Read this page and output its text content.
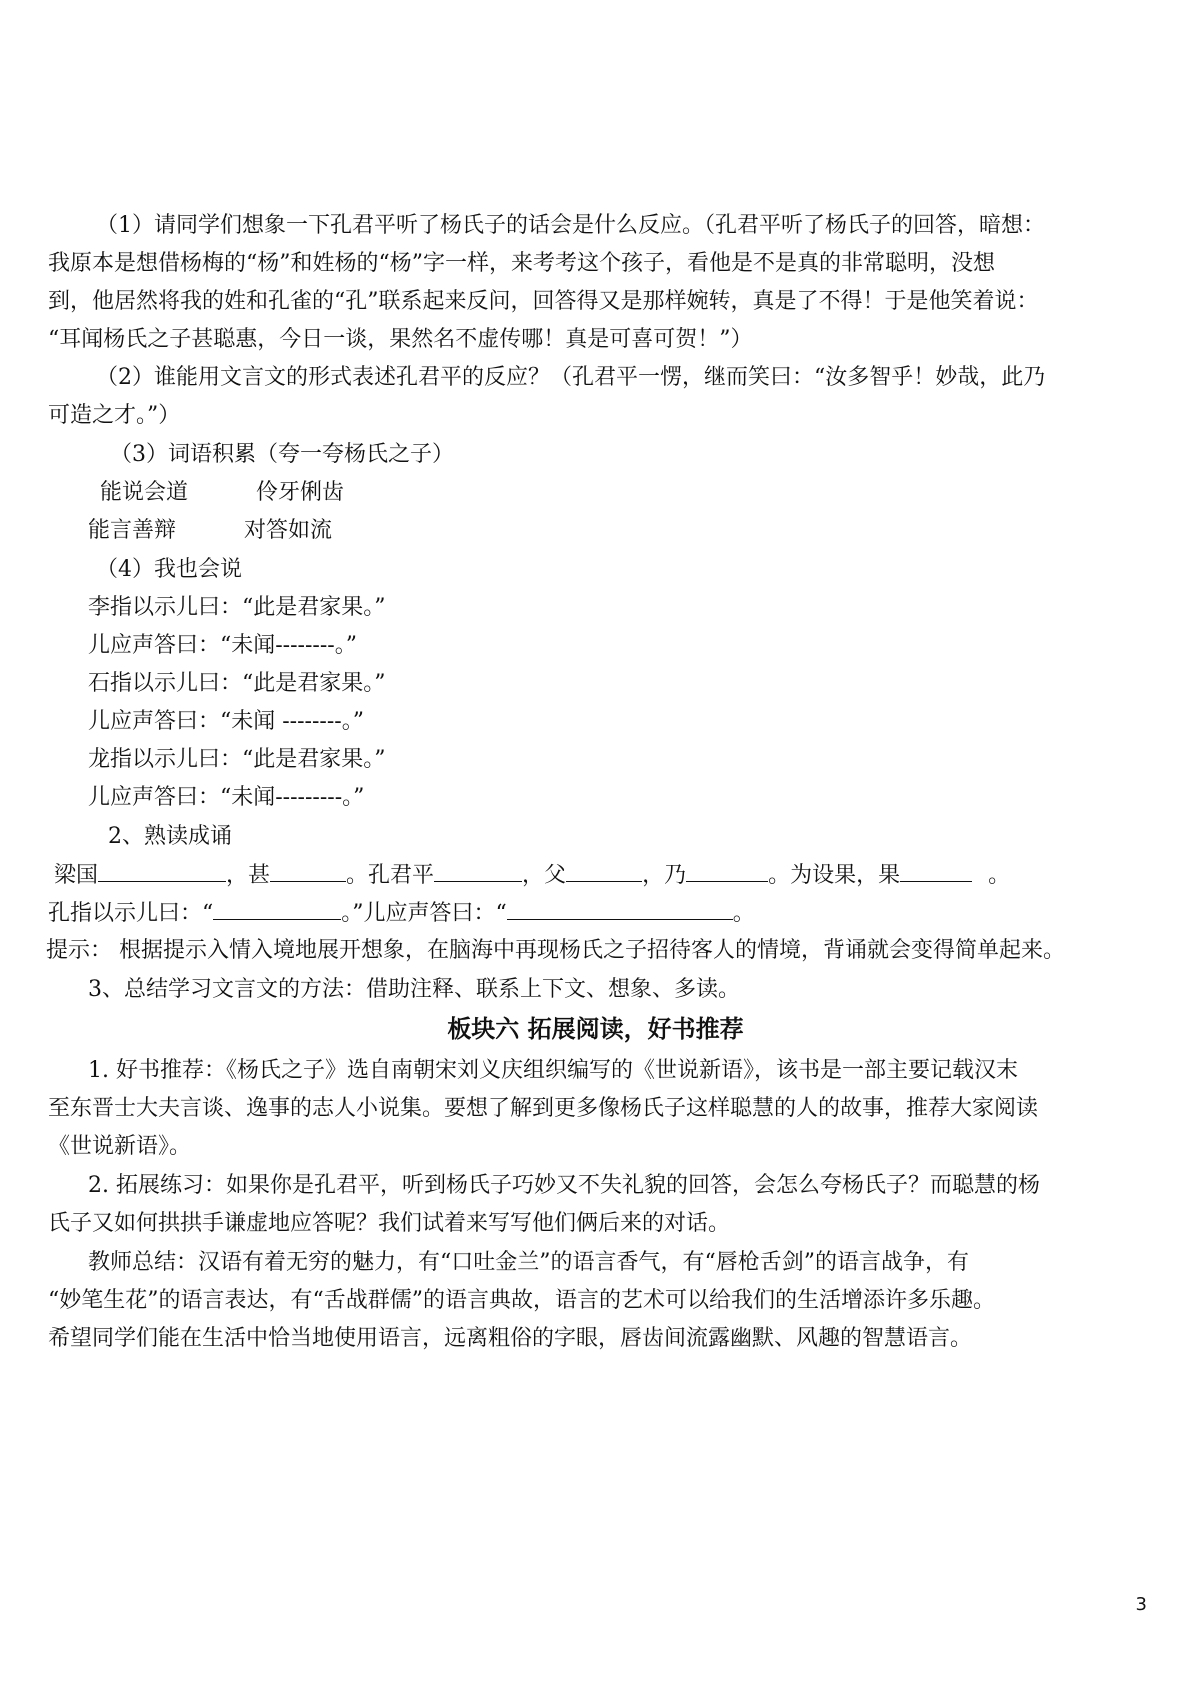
（1）请同学们想象一下孔君平听了杨氏子的话会是什么反应。（孔君平听了杨氏子的回答，暗想：
我原本是想借杨梅的“杨”和姓杨的“杨”字一样，来考考这个孩子，看他是不是真的非常聪明，没想
到，他居然将我的姓和孔雀的“孔”联系起来反问，回答得又是那样婉转，真是了不得！于是他笑着说：
“耳闻杨氏之子甚聪惠，今日一谈，果然名不虚传哪！真是可喜可贺！”）
（2）谁能用文言文的形式表述孔君平的反应？（孔君平一愣，继而笑曰：“汝多智乎！妙哉，此乃
可造之才。”）
（3）词语积累（夸一夸杨氏之子）
能说会道	伶牙俐齿
能言善辩	对答如流
（4）我也会说
李指以示儿曰：“此是君家果。”
儿应声答曰：“未闻--------。”
石指以示儿曰：“此是君家果。”
儿应声答曰：“未闻 --------。”
龙指以示儿曰：“此是君家果。”
儿应声答曰：“未闻---------。”
2、熟读成诵
梁国	，甚	。孔君平	，父	，乃	。为设果，果	。
孔指以示儿曰：“	。”儿应声答曰：“	。
提示： 根据提示入情入境地展开想象，在脑海中再现杨氏之子招待客人的情境，背诵就会变得简单起来。
3、总结学习文言文的方法：借助注释、联系上下文、想象、多读。
板块六 拓展阅读，好书推荐
1. 好书推荐：《杨氏之子》选自南朝宋刘义庆组织编写的《世说新语》，该书是一部主要记载汉末
至东晋士大夫言谈、逸事的志人小说集。要想了解到更多像杨氏子这样聪慧的人的故事，推荐大家阅读
《世说新语》。
2. 拓展练习：如果你是孔君平，听到杨氏子巧妙又不失礼貌的回答，会怎么夸杨氏子？而聪慧的杨
氏子又如何拱拱手谦虚地应答呢？我们试着来写写他们俩后来的对话。
教师总结：汉语有着无穷的魅力，有“口吐金兰”的语言香气，有“唇枪舌剑”的语言战争，有
“妙笔生花”的语言表达，有“舌战群儒”的语言典故，语言的艺术可以给我们的生活增添许多乐趣。
希望同学们能在生活中恰当地使用语言，远离粗俗的字眼，唇齿间流露幽默、风趣的智慧语言。
3
